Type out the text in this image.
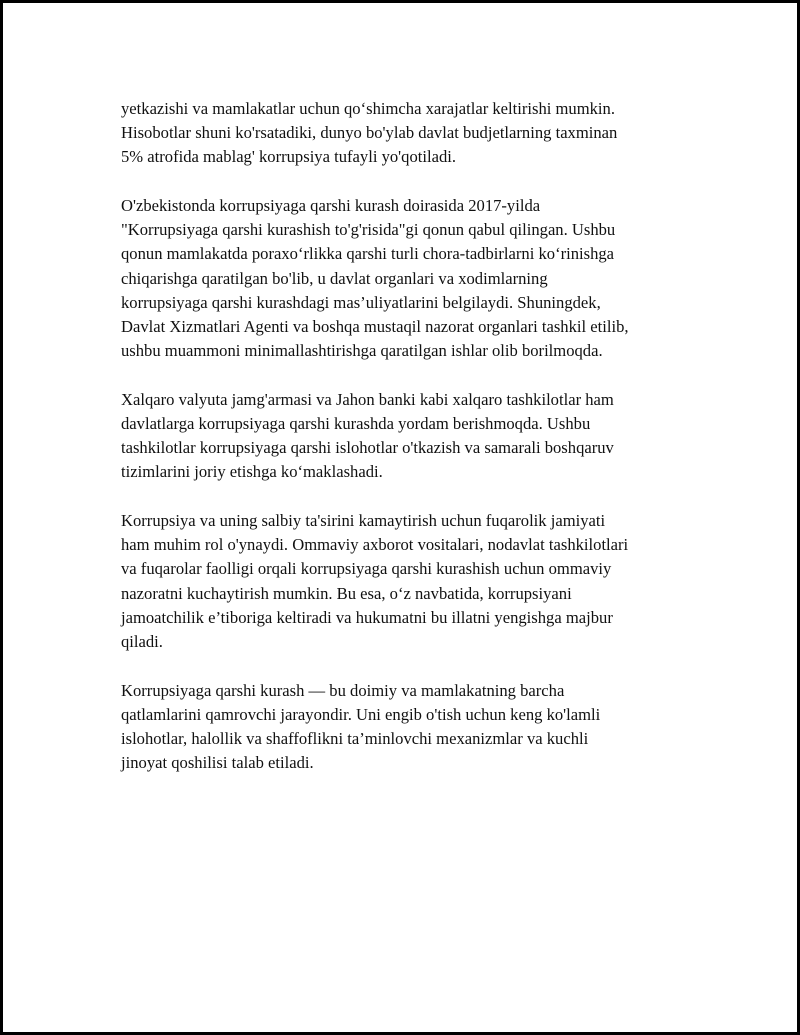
yetkazishi va mamlakatlar uchun qo‘shimcha xarajatlar keltirishi mumkin.
Hisobotlar shuni ko'rsatadiki, dunyo bo'ylab davlat budjetlarning taxminan
5% atrofida mablag' korrupsiya tufayli yo'qotiladi.

O'zbekistonda korrupsiyaga qarshi kurash doirasida 2017-yilda
"Korrupsiyaga qarshi kurashish to'g'risida"gi qonun qabul qilingan. Ushbu
qonun mamlakatda poraxo‘rlikka qarshi turli chora-tadbirlarni ko‘rinishga
chiqarishga qaratilgan bo'lib, u davlat organlari va xodimlarning
korrupsiyaga qarshi kurashdagi mas’uliyatlarini belgilaydi. Shuningdek,
Davlat Xizmatlari Agenti va boshqa mustaqil nazorat organlari tashkil etilib,
ushbu muammoni minimallashtirishga qaratilgan ishlar olib borilmoqda.

Xalqaro valyuta jamg'armasi va Jahon banki kabi xalqaro tashkilotlar ham
davlatlarga korrupsiyaga qarshi kurashda yordam berishmoqda. Ushbu
tashkilotlar korrupsiyaga qarshi islohotlar o'tkazish va samarali boshqaruv
tizimlarini joriy etishga ko‘maklashadi.

Korrupsiya va uning salbiy ta'sirini kamaytirish uchun fuqarolik jamiyati
ham muhim rol o'ynaydi. Ommaviy axborot vositalari, nodavlat tashkilotlari
va fuqarolar faolligi orqali korrupsiyaga qarshi kurashish uchun ommaviy
nazoratni kuchaytirish mumkin. Bu esa, o‘z navbatida, korrupsiyani
jamoatchilik e’tiboriga keltiradi va hukumatni bu illatni yengishga majbur
qiladi.

Korrupsiyaga qarshi kurash — bu doimiy va mamlakatning barcha
qatlamlarini qamrovchi jarayondir. Uni engib o'tish uchun keng ko'lamli
islohotlar, halollik va shaffoflikni ta’minlovchi mexanizmlar va kuchli
jinoyat qoshilisi talab etiladi.
